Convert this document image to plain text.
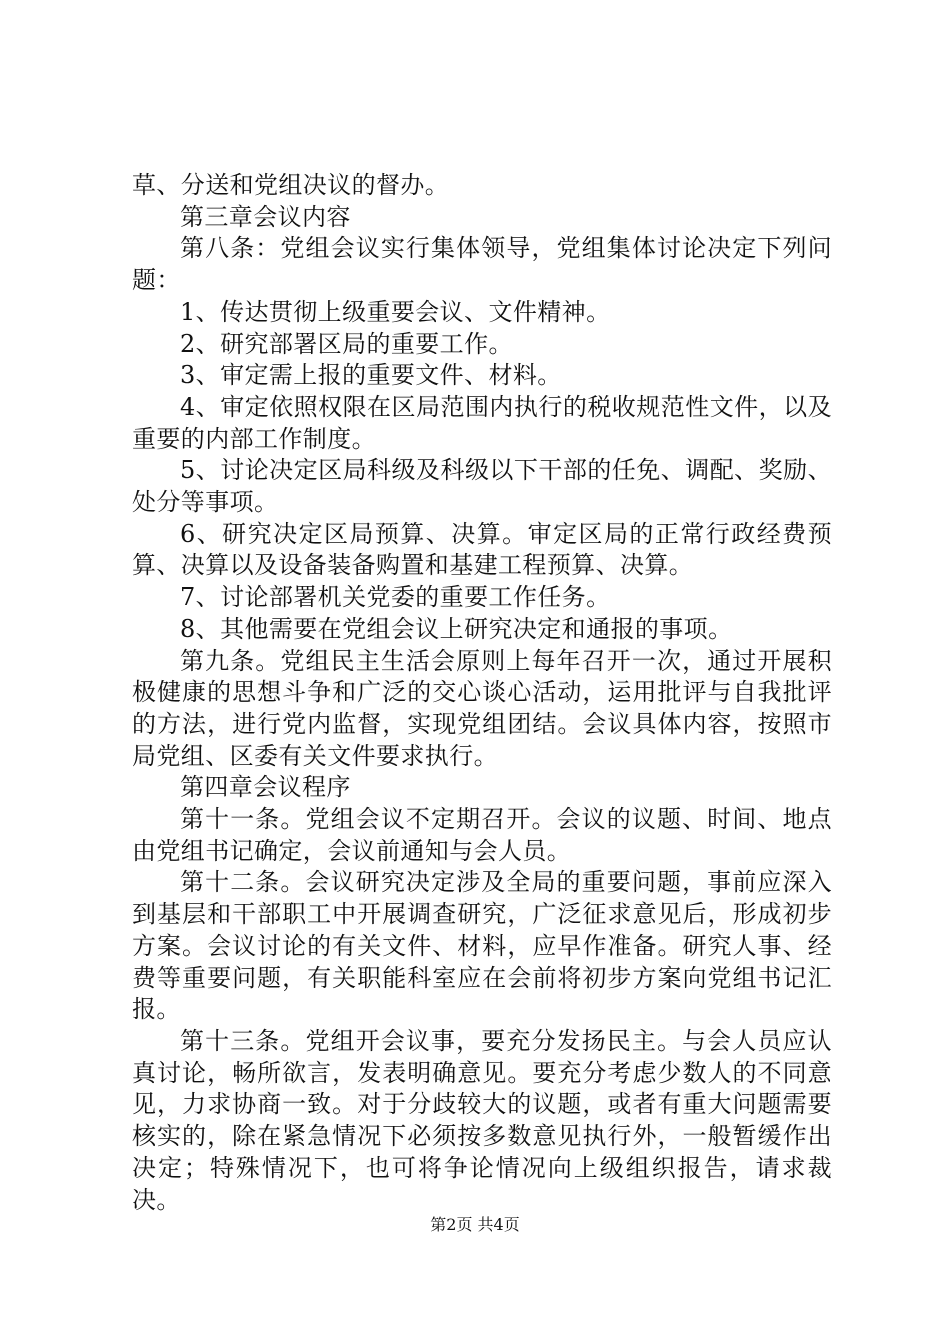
草、分送和党组决议的督办。

第三章会议内容

第八条：党组会议实行集体领导，党组集体讨论决定下列问题：

1、传达贯彻上级重要会议、文件精神。

2、研究部署区局的重要工作。

3、审定需上报的重要文件、材料。

4、审定依照权限在区局范围内执行的税收规范性文件，以及重要的内部工作制度。

5、讨论决定区局科级及科级以下干部的任免、调配、奖励、处分等事项。

6、研究决定区局预算、决算。审定区局的正常行政经费预算、决算以及设备装备购置和基建工程预算、决算。

7、讨论部署机关党委的重要工作任务。

8、其他需要在党组会议上研究决定和通报的事项。

第九条。党组民主生活会原则上每年召开一次，通过开展积极健康的思想斗争和广泛的交心谈心活动，运用批评与自我批评的方法，进行党内监督，实现党组团结。会议具体内容，按照市局党组、区委有关文件要求执行。

第四章会议程序

第十一条。党组会议不定期召开。会议的议题、时间、地点由党组书记确定，会议前通知与会人员。

第十二条。会议研究决定涉及全局的重要问题，事前应深入到基层和干部职工中开展调查研究，广泛征求意见后，形成初步方案。会议讨论的有关文件、材料，应早作准备。研究人事、经费等重要问题，有关职能科室应在会前将初步方案向党组书记汇报。

第十三条。党组开会议事，要充分发扬民主。与会人员应认真讨论，畅所欲言，发表明确意见。要充分考虑少数人的不同意见，力求协商一致。对于分歧较大的议题，或者有重大问题需要核实的，除在紧急情况下必须按多数意见执行外，一般暂缓作出决定；特殊情况下，也可将争论情况向上级组织报告，请求裁决。

第2页 共4页
